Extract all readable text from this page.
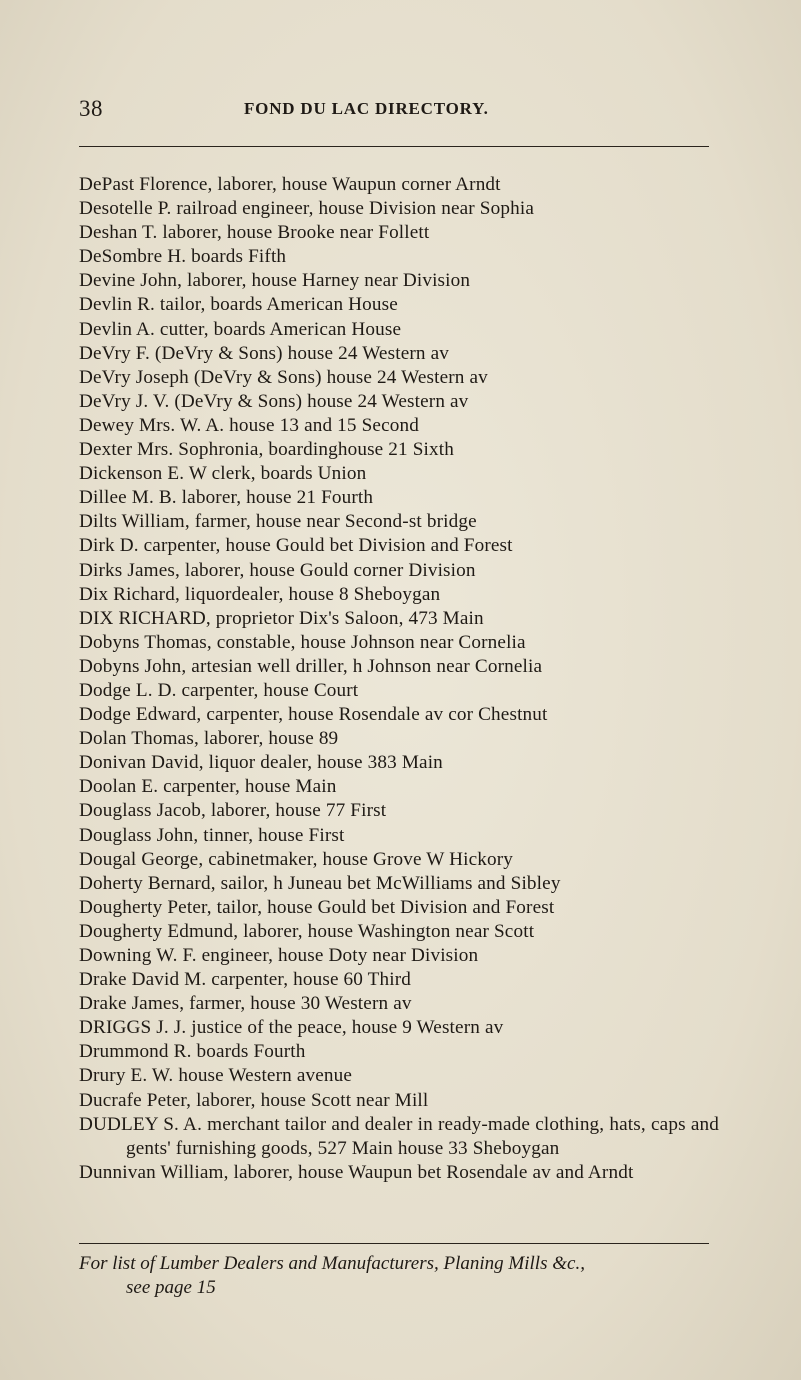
38	FOND DU LAC DIRECTORY.
DePast Florence, laborer, house Waupun corner Arndt
Desotelle P. railroad engineer, house Division near Sophia
Deshan T. laborer, house Brooke near Follett
DeSombre H. boards Fifth
Devine John, laborer, house Harney near Division
Devlin R. tailor, boards American House
Devlin A. cutter, boards American House
DeVry F. (DeVry & Sons) house 24 Western av
DeVry Joseph (DeVry & Sons) house 24 Western av
DeVry J. V. (DeVry & Sons) house 24 Western av
Dewey Mrs. W. A. house 13 and 15 Second
Dexter Mrs. Sophronia, boardinghouse 21 Sixth
Dickenson E. W clerk, boards Union
Dillee M. B. laborer, house 21 Fourth
Dilts William, farmer, house near Second-st bridge
Dirk D. carpenter, house Gould bet Division and Forest
Dirks James, laborer, house Gould corner Division
Dix Richard, liquordealer, house 8 Sheboygan
DIX RICHARD, proprietor Dix's Saloon, 473 Main
Dobyns Thomas, constable, house Johnson near Cornelia
Dobyns John, artesian well driller, h Johnson near Cornelia
Dodge L. D. carpenter, house Court
Dodge Edward, carpenter, house Rosendale av cor Chestnut
Dolan Thomas, laborer, house 89
Donivan David, liquor dealer, house 383 Main
Doolan E. carpenter, house Main
Douglass Jacob, laborer, house 77 First
Douglass John, tinner, house First
Dougal George, cabinetmaker, house Grove W Hickory
Doherty Bernard, sailor, h Juneau bet McWilliams and Sibley
Dougherty Peter, tailor, house Gould bet Division and Forest
Dougherty Edmund, laborer, house Washington near Scott
Downing W. F. engineer, house Doty near Division
Drake David M. carpenter, house 60 Third
Drake James, farmer, house 30 Western av
DRIGGS J. J. justice of the peace, house 9 Western av
Drummond R. boards Fourth
Drury E. W. house Western avenue
Ducrafe Peter, laborer, house Scott near Mill
DUDLEY S. A. merchant tailor and dealer in ready-made clothing, hats, caps and gents' furnishing goods, 527 Main house 33 Sheboygan
Dunnivan William, laborer, house Waupun bet Rosendale av and Arndt
For list of Lumber Dealers and Manufacturers, Planing Mills &c.,
see page 15
